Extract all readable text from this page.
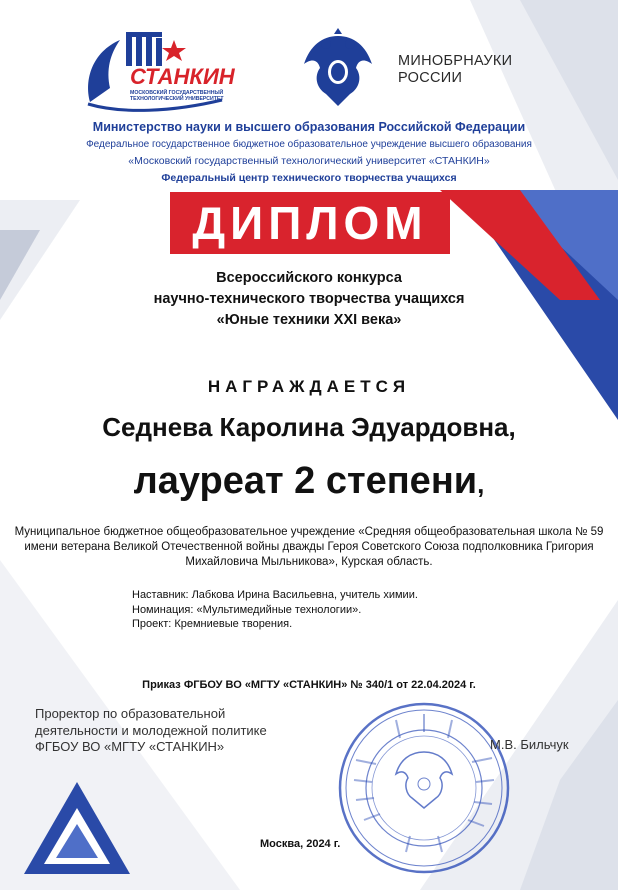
ДИПЛОМ
СТАНКИН
МОСКОВСКИЙ ГОСУДАРСТВЕННЫЙ ТЕХНОЛОГИЧЕСКИЙ УНИВЕРСИТЕТ
МИНОБРНАУКИ
РОССИИ
Министерство науки и высшего образования Российской Федерации
Федеральное государственное бюджетное образовательное учреждение высшего образования
«Московский государственный технологический университет «СТАНКИН»
Федеральный центр технического творчества учащихся
Всероссийского конкурса
научно-технического творчества учащихся
«Юные техники XXI века»
НАГРАЖДАЕТСЯ
Седнева Каролина Эдуардовна,
лауреат 2 степени,
Муниципальное бюджетное общеобразовательное учреждение «Средняя общеобразовательная школа № 59
имени ветерана Великой Отечественной войны дважды Героя Советского Союза подполковника Григория
Михайловича Мыльникова», Курская область.
Наставник: Лабкова Ирина Васильевна, учитель химии.
Номинация: «Мультимедийные технологии».
Проект: Кремниевые творения.
Приказ ФГБОУ ВО «МГТУ «СТАНКИН» № 340/1 от 22.04.2024 г.
Проректор по образовательной
деятельности и молодежной политике
ФГБОУ ВО «МГТУ «СТАНКИН»	М.В. Бильчук
Москва, 2024 г.
